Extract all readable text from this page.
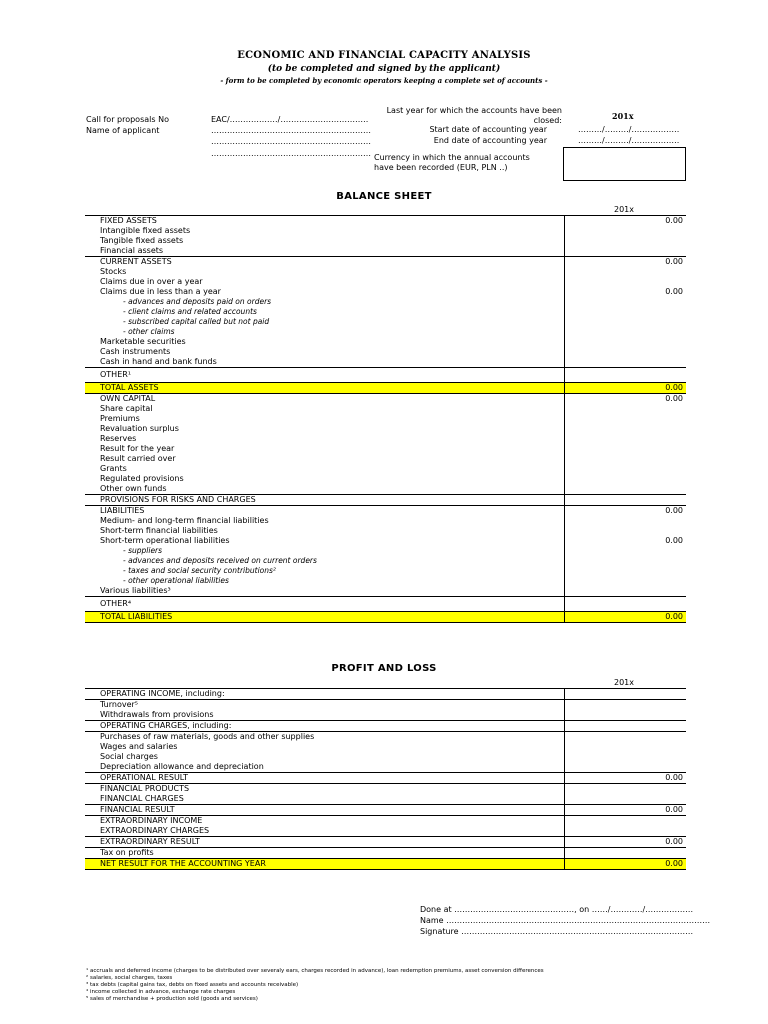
ECONOMIC AND FINANCIAL CAPACITY ANALYSIS
(to be completed and signed by the applicant)
- form to be completed by economic operators keeping a complete set of accounts -
Call for proposals No	EAC/………………/……………………………
Name of applicant	……………………………………………………
……………………………………………………
……………………………………………………
Last year for which the accounts have been
closed:	201x
Start date of accounting year	………/………/………………
End date of accounting year	………/………/………………
Currency in which the annual accounts
have been recorded (EUR, PLN ..)
BALANCE SHEET
201x
FIXED ASSETS	0.00
Intangible fixed assets	
Tangible fixed assets	
Financial assets	
CURRENT ASSETS	0.00
Stocks	
Claims due in over a year	
Claims due in less than a year	0.00
- advances and deposits paid on orders	
- client claims and related accounts	
- subscribed capital called but not paid	
- other claims	
Marketable securities	
Cash instruments	
Cash in hand and bank funds	
OTHER¹	
TOTAL ASSETS	0.00
OWN CAPITAL	0.00
Share capital	
Premiums	
Revaluation surplus	
Reserves	
Result for the year	
Result carried over	
Grants	
Regulated provisions	
Other own funds	
PROVISIONS FOR RISKS AND CHARGES	
LIABILITIES	0.00
Medium- and long-term financial liabilities	
Short-term financial liabilities	
Short-term operational liabilities	0.00
- suppliers	
- advances and deposits received on current orders	
- taxes and social security contributions²	
- other operational liabilities	
Various liabilities³	
OTHER⁴	
TOTAL LIABILITIES	0.00
PROFIT AND LOSS
201x
OPERATING INCOME, including:	
Turnover⁵	
Withdrawals from provisions	
OPERATING CHARGES, including:	
Purchases of raw materials, goods and other supplies	
Wages and salaries	
Social charges	
Depreciation allowance and depreciation	
OPERATIONAL RESULT	0.00
FINANCIAL PRODUCTS	
FINANCIAL CHARGES	
FINANCIAL RESULT	0.00
EXTRAORDINARY INCOME	
EXTRAORDINARY CHARGES	
EXTRAORDINARY RESULT	0.00
Tax on profits	
NET RESULT FOR THE ACCOUNTING YEAR	0.00
Done at ………………………………………, on ……/…………/………………
Name ………………………………………………………………………………………
Signature ……………………………………………………………………………
¹ accruals and deferred income (charges to be distributed over severaly ears, charges recorded in advance), loan redemption premiums, asset conversion differences
² salaries, social charges, taxes
³ tax debts (capital gains tax, debts on fixed assets and accounts receivable)
⁴ income collected in advance, exchange rate charges
⁵ sales of merchandise + production sold (goods and services)
